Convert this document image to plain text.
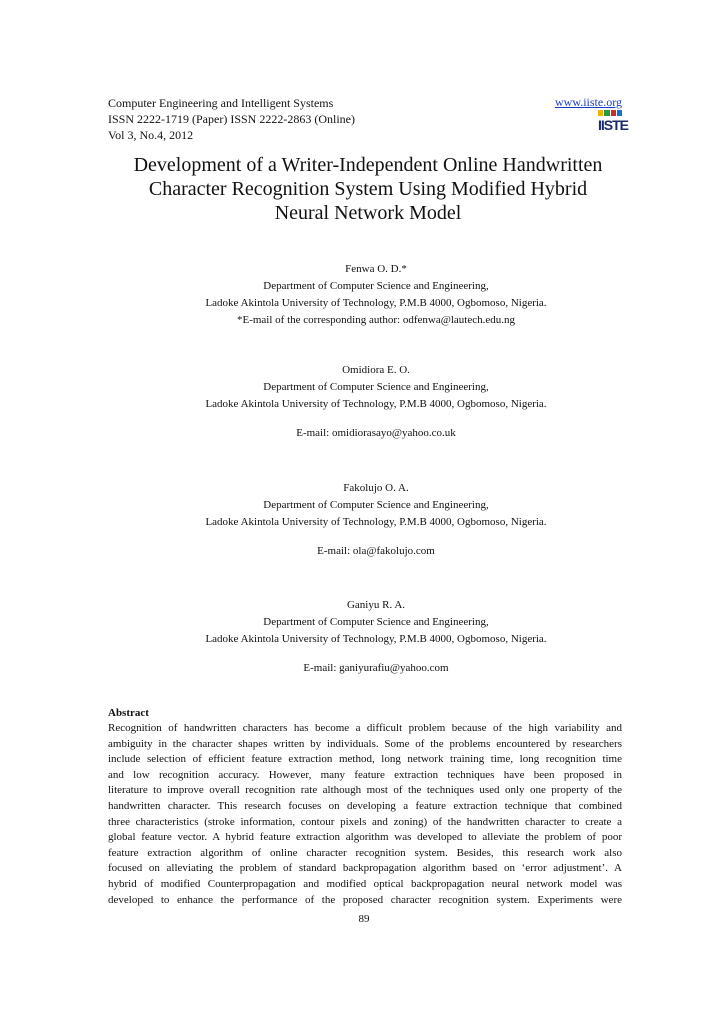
Computer Engineering and Intelligent Systems
ISSN 2222-1719 (Paper) ISSN 2222-2863 (Online)
Vol 3, No.4, 2012
www.iiste.org
IISTE
Development of a Writer-Independent Online Handwritten
Character Recognition System Using Modified Hybrid
Neural Network Model
Fenwa O. D.*
Department of Computer Science and Engineering,
Ladoke Akintola University of Technology, P.M.B 4000, Ogbomoso, Nigeria.
*E-mail of the corresponding author: odfenwa@lautech.edu.ng
Omidiora E. O.
Department of Computer Science and Engineering,
Ladoke Akintola University of Technology, P.M.B 4000, Ogbomoso, Nigeria.
E-mail: omidiorasayo@yahoo.co.uk
Fakolujo O. A.
Department of Computer Science and Engineering,
Ladoke Akintola University of Technology, P.M.B 4000, Ogbomoso, Nigeria.
E-mail: ola@fakolujo.com
Ganiyu R. A.
Department of Computer Science and Engineering,
Ladoke Akintola University of Technology, P.M.B 4000, Ogbomoso, Nigeria.
E-mail: ganiyurafiu@yahoo.com
Abstract

Recognition of handwritten characters has become a difficult problem because of the high variability and

ambiguity in the character shapes written by individuals. Some of the problems encountered by researchers

include selection of efficient feature extraction method, long network training time, long recognition time

and low recognition accuracy. However, many feature extraction techniques have been proposed in

literature to improve overall recognition rate although most of the techniques used only one property of the

handwritten character. This research focuses on developing a feature extraction technique that combined

three characteristics (stroke information, contour pixels and zoning) of the handwritten character to create a

global feature vector. A hybrid feature extraction algorithm was developed to alleviate the problem of poor

feature extraction algorithm of online character recognition system. Besides, this research work also

focused on alleviating the problem of standard backpropagation algorithm based on ‘error adjustment’. A

hybrid of modified Counterpropagation and modified optical backpropagation neural network model was

developed to enhance the performance of the proposed character recognition system. Experiments were

89
